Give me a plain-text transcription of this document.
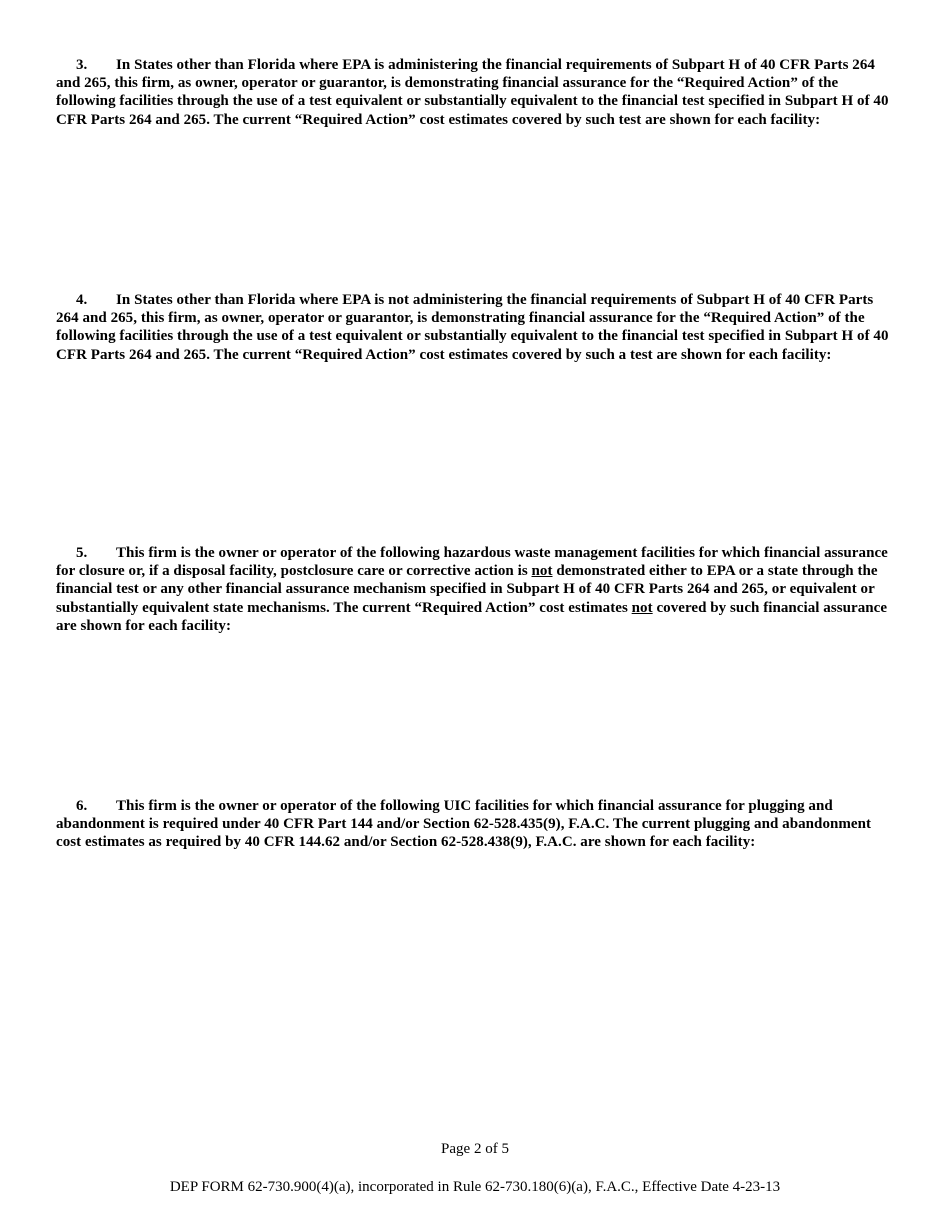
3. In States other than Florida where EPA is administering the financial requirements of Subpart H of 40 CFR Parts 264 and 265, this firm, as owner, operator or guarantor, is demonstrating financial assurance for the “Required Action” of the following facilities through the use of a test equivalent or substantially equivalent to the financial test specified in Subpart H of 40 CFR Parts 264 and 265. The current “Required Action” cost estimates covered by such test are shown for each facility:

4. In States other than Florida where EPA is not administering the financial requirements of Subpart H of 40 CFR Parts 264 and 265, this firm, as owner, operator or guarantor, is demonstrating financial assurance for the “Required Action” of the following facilities through the use of a test equivalent or substantially equivalent to the financial test specified in Subpart H of 40 CFR Parts 264 and 265. The current “Required Action” cost estimates covered by such a test are shown for each facility:

5. This firm is the owner or operator of the following hazardous waste management facilities for which financial assurance for closure or, if a disposal facility, postclosure care or corrective action is not demonstrated either to EPA or a state through the financial test or any other financial assurance mechanism specified in Subpart H of 40 CFR Parts 264 and 265, or equivalent or substantially equivalent state mechanisms. The current “Required Action” cost estimates not covered by such financial assurance are shown for each facility:

6. This firm is the owner or operator of the following UIC facilities for which financial assurance for plugging and abandonment is required under 40 CFR Part 144 and/or Section 62-528.435(9), F.A.C. The current plugging and abandonment cost estimates as required by 40 CFR 144.62 and/or Section 62-528.438(9), F.A.C. are shown for each facility:

Page 2 of 5
DEP FORM 62-730.900(4)(a), incorporated in Rule 62-730.180(6)(a), F.A.C., Effective Date 4-23-13
